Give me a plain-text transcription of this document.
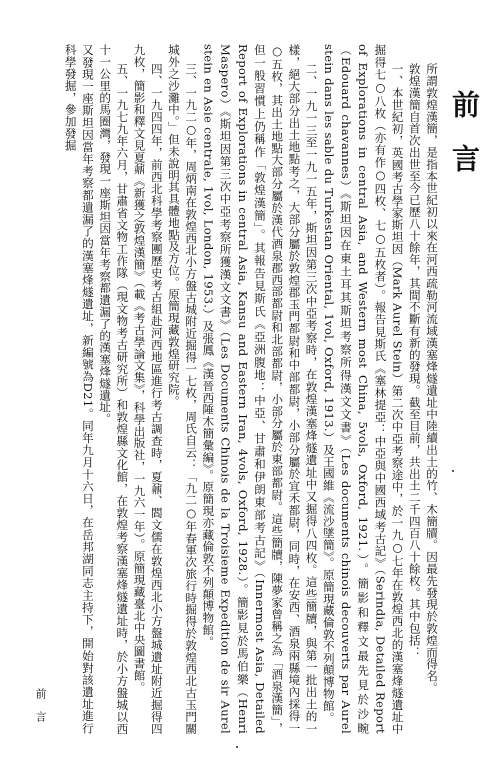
前言

所謂敦煌漢簡，是指本世紀初以來在河西疏勒河流域漢塞烽燧遺址中陸續出土的竹、木簡牘。因最先發現於敦煌而得名。

敦煌漢簡自首次出世至今已歷八十餘年，其間不斷有新的發現。截至目前，共出土二千四百八十餘枚。其中包括：

一、本世紀初，英國考古學家斯坦因（Mark Aurel Stein）第二次中亞考察途中，於一九○七年在敦煌西北的漢塞烽燧遺址中掘得七○八枚（亦有作○四枚、七○五枚者）。報告見斯氏《塞林提亞：中亞與中國西域考古記》（Serindia, Detailed Report of Explorations in central Asia, and Western most China, 5vols, Oxford, 1921.）。簡影和釋文最先見於沙畹（Edouard chavannes）《斯坦因在東土耳其斯坦考察所得漢文文書》（Les documents chinois decouverts par Aurel stein dans les sable du Turkestan Oriental, 1vol, Oxford, 1913.）及王國維《流沙墜簡》。原簡現藏倫敦不列顛博物館。

二、一九一三至一九一五年，斯坦因第三次中亞考察時，在敦煌漢塞烽燧遺址中又掘得八四枚。這些簡牘，與第一批出土的一樣，絕大部分出土地點考之，大部分屬於敦煌郡玉門都尉和中部都尉，小部分屬於宜禾都尉，同時，在安西、酒泉兩縣境內採得一○五枚，其出土地點大部分屬於漢代酒泉郡西部都尉和北部都尉，小部分屬於東部都尉。這些簡牘，陳夢家曾稱之為「酒泉漢簡」，但一般習慣上仍稱作「敦煌漢簡」。其報告見斯氏《亞洲腹地：中亞、甘肅和伊朗東部考古記》（Innermost Asia, Detailed Report of Explorations in central Asia, Kansu and Eastern Iran, 4vols, Oxford, 1928.）。簡影見於馬伯樂（Henri Maspero）《斯坦因第三次中亞考察所獲漢文文書》（Les Documents Chinois de la Troisieme Expedition de sir Aurel stein en Asie centrale, 1vol, London, 1953.）及張鳳《漢晉西陲木簡彙編》。原簡現亦藏倫敦不列顛博物館。

三、一九二○年，周炳南在敦煌西北小方盤古城附近掘得一七枚，周氏自云：「九二○年春軍次旅行時掘得於敦煌西北古玉門關城外之沙灘中。」但未說明其具體地點及方位。原簡現藏敦煌研究院。

四、一九四四年，前西北科學考察團歷史考古組赴河西地區進行考古調查時，夏鼐、閻文儒在敦煌西北小方盤城遺址附近掘得四九枚，簡影和釋文見夏鼐《新獲之敦煌漢簡》（載《考古學論文集》，科學出版社，一九六一年）。原簡現藏臺北中央圖書館。

五、一九七九年六月，甘肅省文物工作隊（現文物考古研究所）和敦煌縣文化館，在敦煌考察漢塞烽燧遺址時，於小方盤城以西十一公里的馬圈灣，發現一座斯坦因當年考察都遺漏了的漢塞烽燧遺址。

又發現一座斯坦因當年考察都遺漏了的漢塞烽燧遺址，新編號為D21。同年九月十六日，在岳邦湖同志主持下，開始對該遺址進行科學發掘，參加發掘

前言
